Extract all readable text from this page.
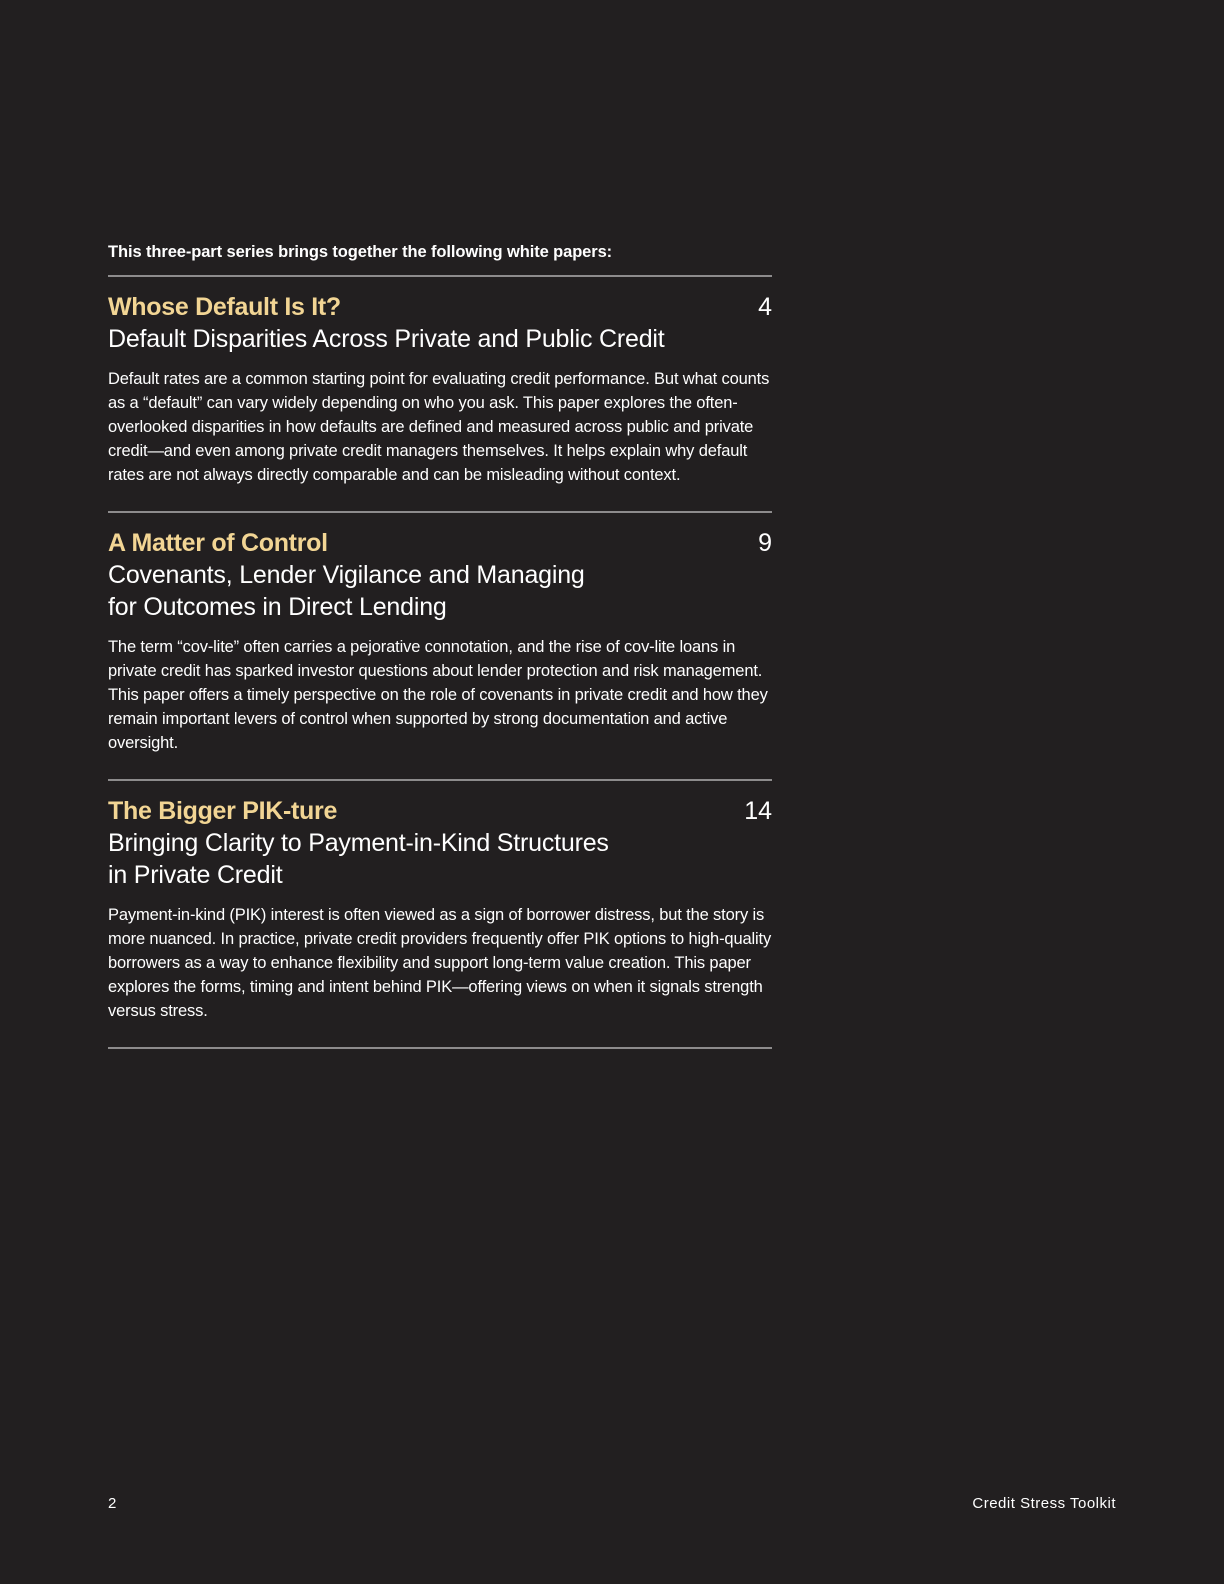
This three-part series brings together the following white papers:

Whose Default Is It?	4
Default Disparities Across Private and Public Credit

Default rates are a common starting point for evaluating credit performance. But what counts as a “default” can vary widely depending on who you ask. This paper explores the often-overlooked disparities in how defaults are defined and measured across public and private credit—and even among private credit managers themselves. It helps explain why default rates are not always directly comparable and can be misleading without context.

A Matter of Control	9
Covenants, Lender Vigilance and Managing
for Outcomes in Direct Lending

The term “cov-lite” often carries a pejorative connotation, and the rise of cov-lite loans in private credit has sparked investor questions about lender protection and risk management. This paper offers a timely perspective on the role of covenants in private credit and how they remain important levers of control when supported by strong documentation and active oversight.

The Bigger PIK-ture	14
Bringing Clarity to Payment-in-Kind Structures
in Private Credit

Payment-in-kind (PIK) interest is often viewed as a sign of borrower distress, but the story is more nuanced. In practice, private credit providers frequently offer PIK options to high-quality borrowers as a way to enhance flexibility and support long-term value creation. This paper explores the forms, timing and intent behind PIK—offering views on when it signals strength versus stress.

2	Credit Stress Toolkit
